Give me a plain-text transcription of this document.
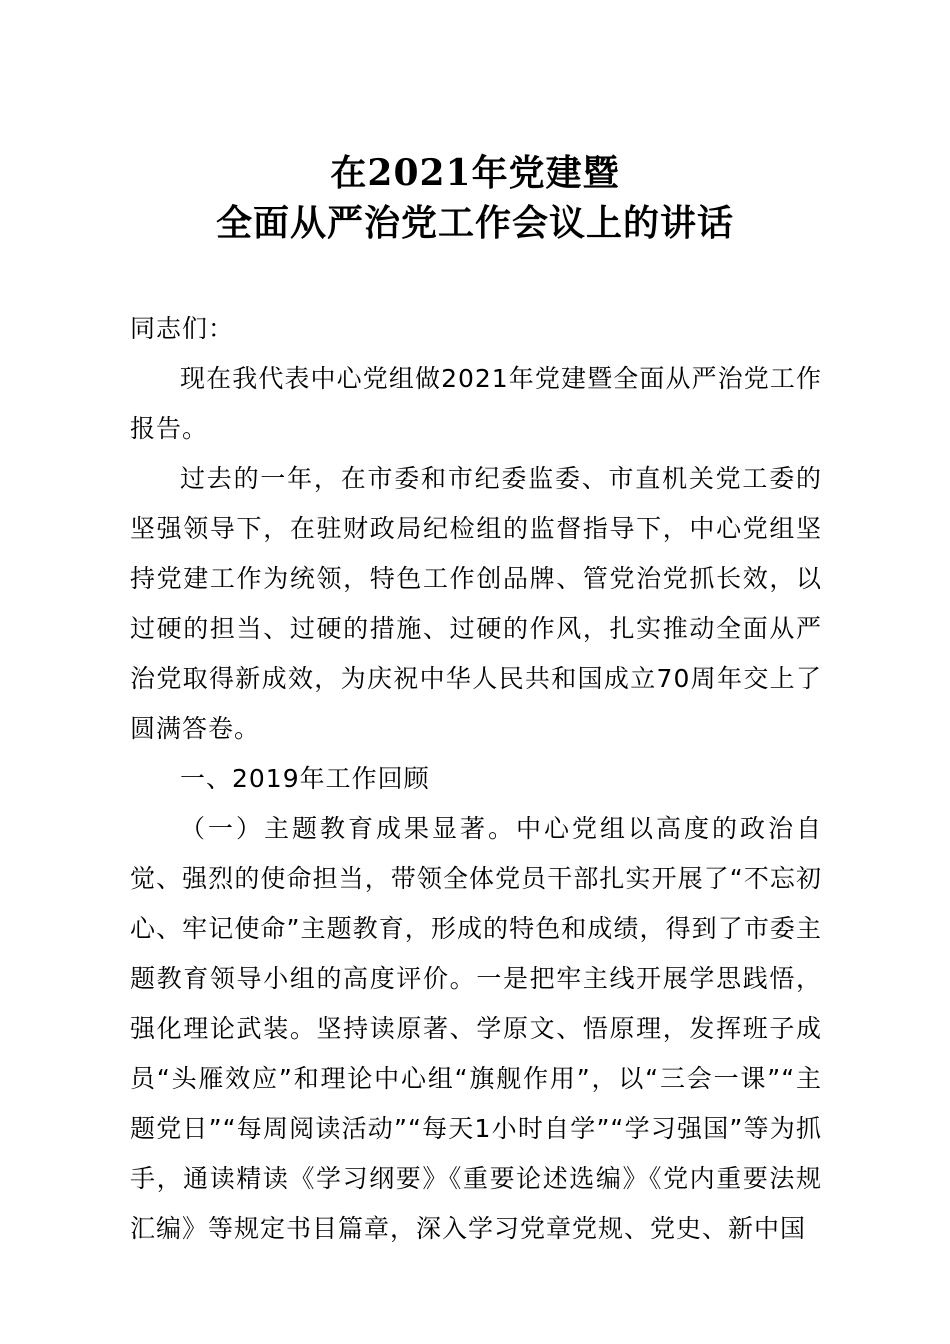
在2021年党建暨
全面从严治党工作会议上的讲话

同志们：

现在我代表中心党组做2021年党建暨全面从严治党工作报告。

过去的一年，在市委和市纪委监委、市直机关党工委的坚强领导下，在驻财政局纪检组的监督指导下，中心党组坚持党建工作为统领，特色工作创品牌、管党治党抓长效，以过硬的担当、过硬的措施、过硬的作风，扎实推动全面从严治党取得新成效，为庆祝中华人民共和国成立70周年交上了圆满答卷。

一、2019年工作回顾

（一）主题教育成果显著。中心党组以高度的政治自觉、强烈的使命担当，带领全体党员干部扎实开展了“不忘初心、牢记使命”主题教育，形成的特色和成绩，得到了市委主题教育领导小组的高度评价。一是把牢主线开展学思践悟，强化理论武装。坚持读原著、学原文、悟原理，发挥班子成员“头雁效应”和理论中心组“旗舰作用”，以“三会一课”“主题党日”“每周阅读活动”“每天1小时自学”“学习强国”等为抓手，通读精读《学习纲要》《重要论述选编》《党内重要法规汇编》等规定书目篇章，深入学习党章党规、党史、新中国
